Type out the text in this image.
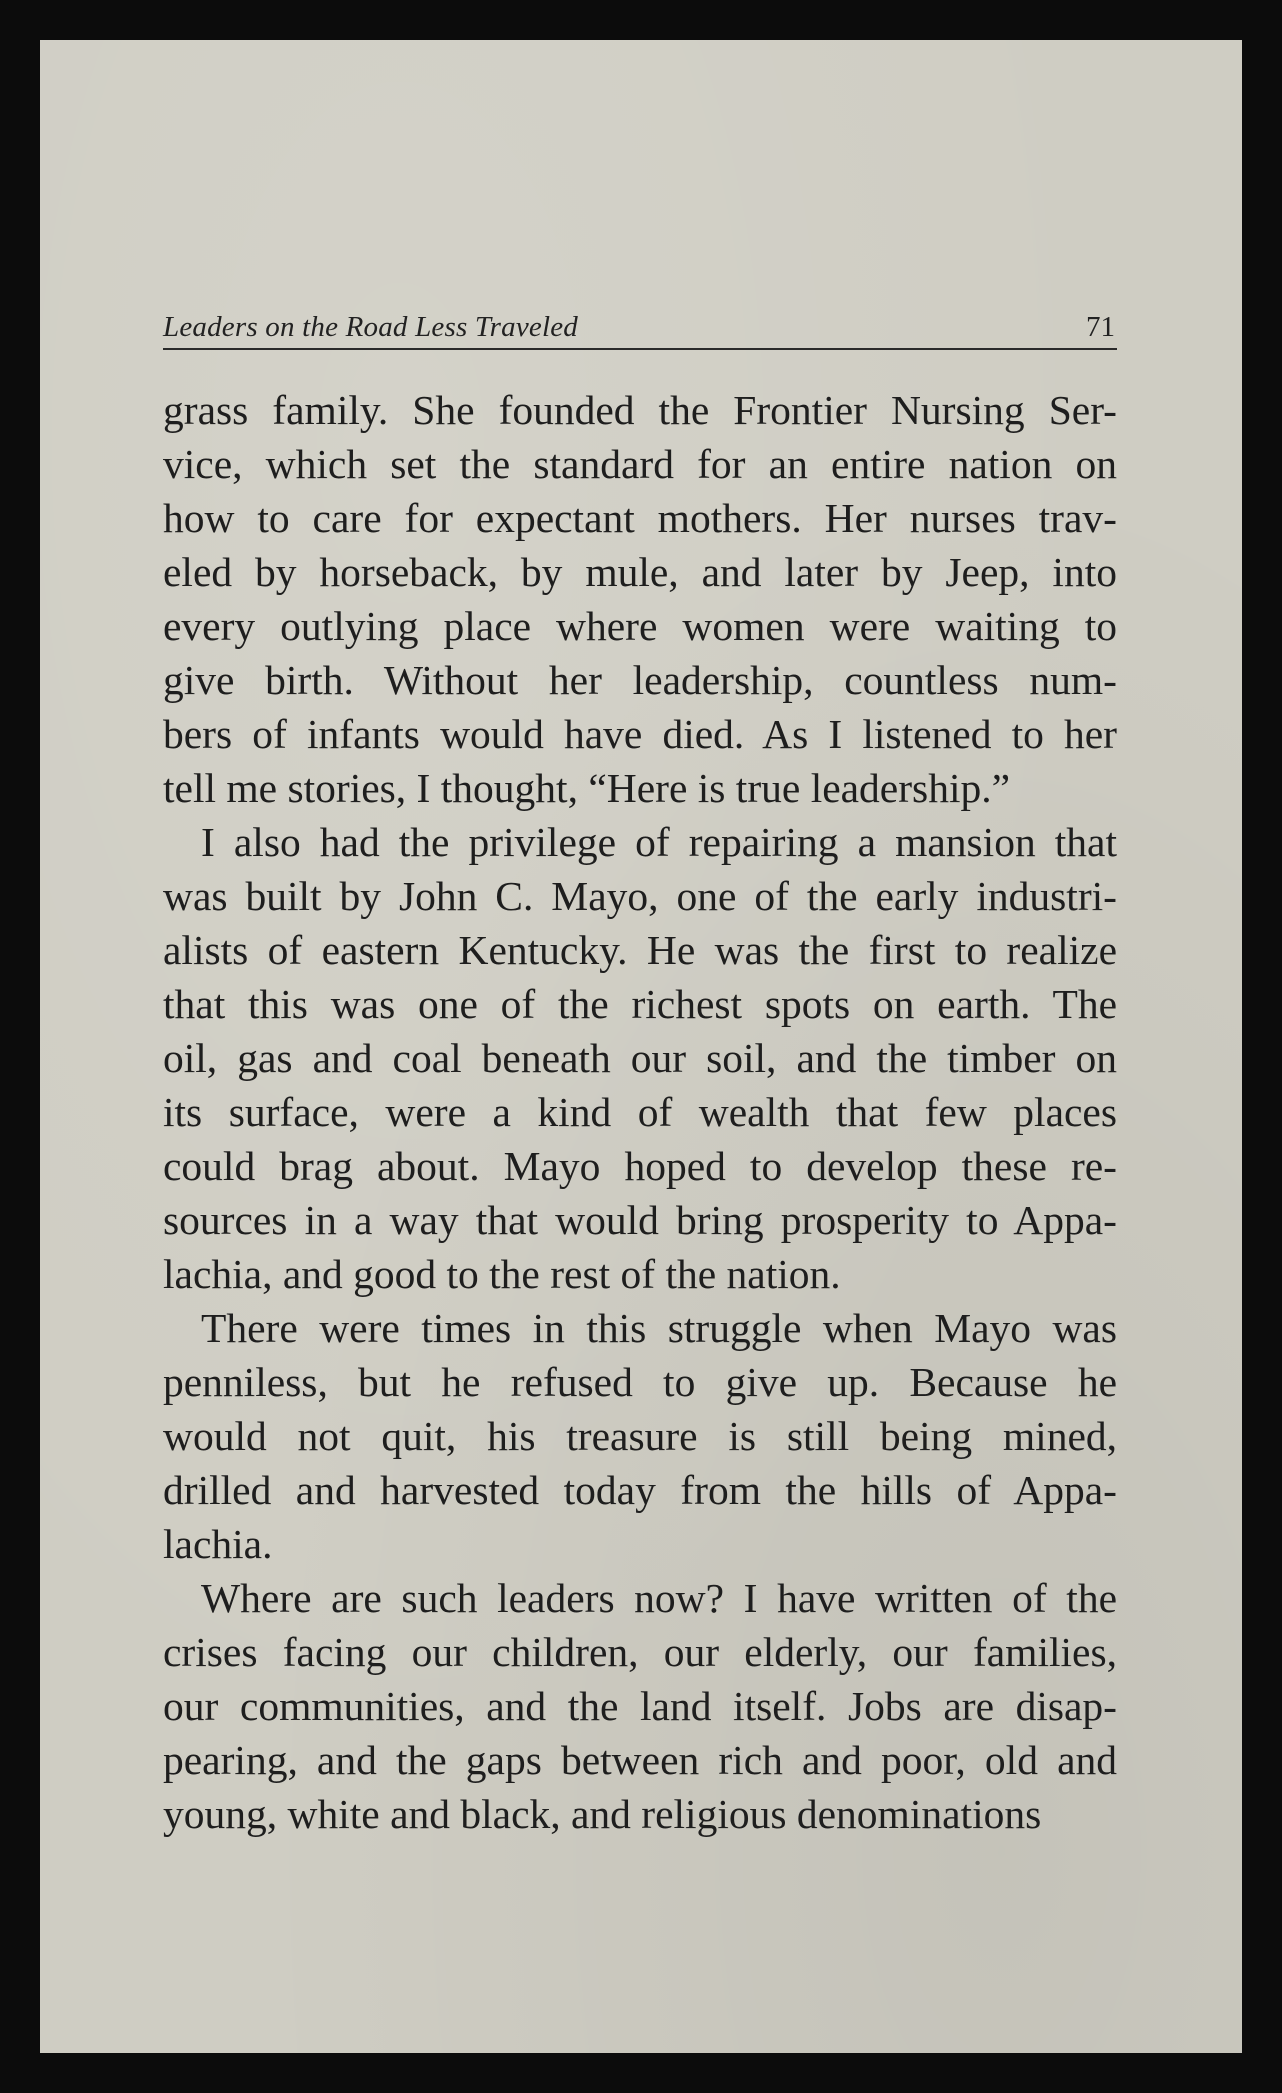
Leaders on the Road Less Traveled	71
grass family. She founded the Frontier Nursing Ser-
vice, which set the standard for an entire nation on
how to care for expectant mothers. Her nurses trav-
eled by horseback, by mule, and later by Jeep, into
every outlying place where women were waiting to
give birth. Without her leadership, countless num-
bers of infants would have died. As I listened to her
tell me stories, I thought, “Here is true leadership.”
I also had the privilege of repairing a mansion that
was built by John C. Mayo, one of the early industri-
alists of eastern Kentucky. He was the first to realize
that this was one of the richest spots on earth. The
oil, gas and coal beneath our soil, and the timber on
its surface, were a kind of wealth that few places
could brag about. Mayo hoped to develop these re-
sources in a way that would bring prosperity to Appa-
lachia, and good to the rest of the nation.
There were times in this struggle when Mayo was
penniless, but he refused to give up. Because he
would not quit, his treasure is still being mined,
drilled and harvested today from the hills of Appa-
lachia.
Where are such leaders now? I have written of the
crises facing our children, our elderly, our families,
our communities, and the land itself. Jobs are disap-
pearing, and the gaps between rich and poor, old and
young, white and black, and religious denominations
